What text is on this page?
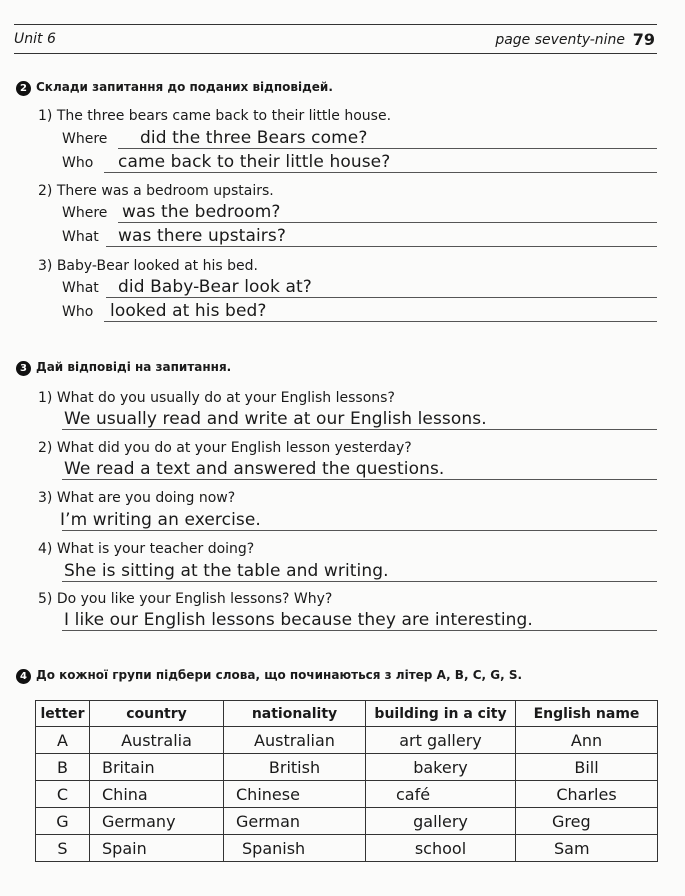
Unit 6	page seventy-nine 79
2 Склади запитання до поданих відповідей.
1) The three bears came back to their little house.
Where did the three Bears come?
Who came back to their little house?
2) There was a bedroom upstairs.
Where was the bedroom?
What was there upstairs?
3) Baby-Bear looked at his bed.
What did Baby-Bear look at?
Who looked at his bed?
3 Дай відповіді на запитання.
1) What do you usually do at your English lessons?
We usually read and write at our English lessons.
2) What did you do at your English lesson yesterday?
We read a text and answered the questions.
3) What are you doing now?
I’m writing an exercise.
4) What is your teacher doing?
She is sitting at the table and writing.
5) Do you like your English lessons? Why?
I like our English lessons because they are interesting.
4 До кожної групи підбери слова, що починаються з літер A, B, C, G, S.
letter	country	nationality	building in a city	English name
A	Australia	Australian	art gallery	Ann
B	Britain	British	bakery	Bill
C	China	Chinese	café	Charles
G	Germany	German	gallery	Greg
S	Spain	Spanish	school	Sam
